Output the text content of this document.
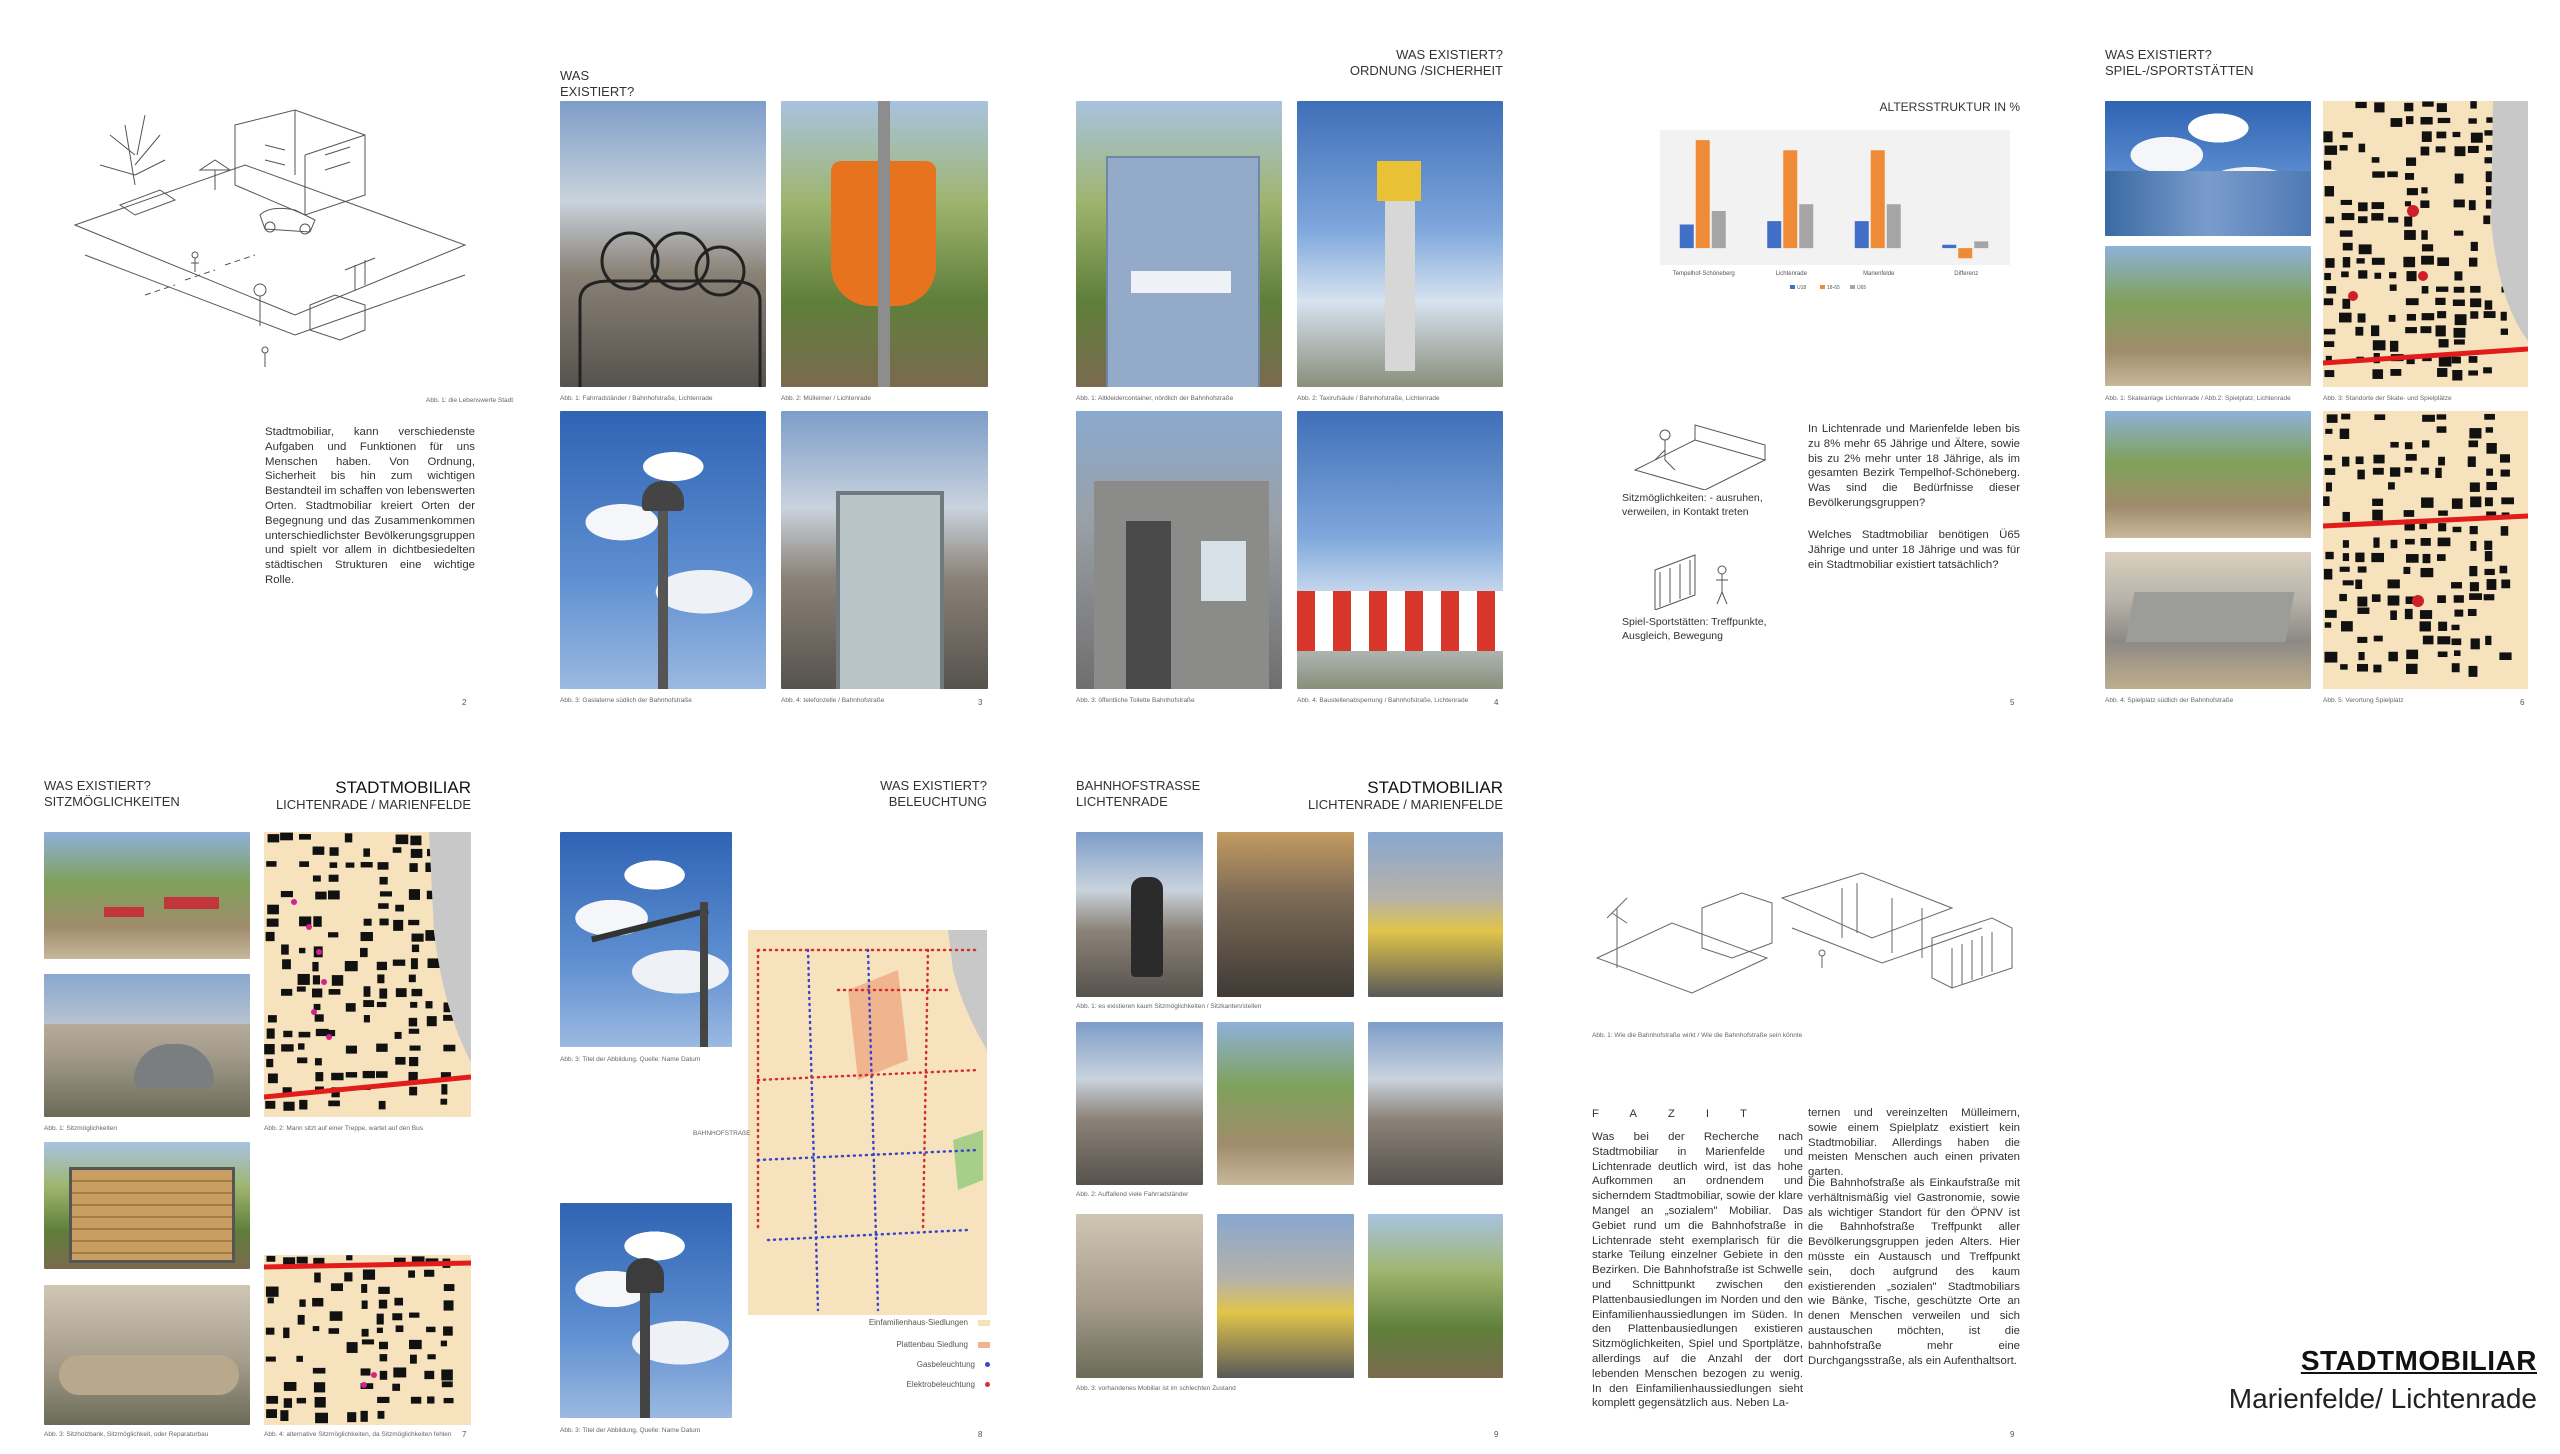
Abb. 1: die Lebenswerte Stadt
Stadtmobiliar, kann verschiedenste Aufgaben und Funktionen für uns Menschen haben. Von Ordnung, Sicherheit bis hin zum wichtigen Bestandteil im schaffen von lebenswerten Orten. Stadtmobiliar kreiert Orten der Begegnung und das Zusammenkommen unterschiedlichster Bevölkerungsgruppen und spielt vor allem in dichtbesiedelten städtischen Strukturen eine wichtige Rolle.
2
WAS EXISTIERT?

Abb. 1: Fahrradständer / Bahnhofstraße, Lichtenrade	Abb. 2: Mülleimer / Lichtenrade
Abb. 3: Gaslaterne südlich der Bahnhofstraße	Abb. 4: telefonzelle / Bahnhofstraße	3
WAS EXISTIERT?
ORDNUNG /SICHERHEIT
Abb. 1: Altkleidercontainer, nördlich der Bahnhofstraße	Abb. 2: Taxirufsäule / Bahnhofstraße, Lichtenrade
Abb. 3: öffentliche Toilette Bahnhofstraße	Abb. 4: Baustellenabsperrung / Bahnhofstraße, Lichtenrade	4
ALTERSSTRUKTUR IN %
Tempelhof-Schöneberg	Lichtenrade	Marienfelde	Differenz
U18	18-65	Ü65
Sitzmöglichkeiten: - ausruhen, verweilen, in Kontakt treten
Spiel-Sportstätten: Treffpunkte, Ausgleich, Bewegung
In Lichtenrade und Marienfelde leben bis zu 8% mehr 65 Jährige und Ältere, sowie bis zu 2% mehr unter 18 Jährige, als im gesamten Bezirk Tempelhof-Schöneberg. Was sind die Bedürfnisse dieser Bevölkerungsgruppen?
Welches Stadtmobiliar benötigen Ü65 Jährige und unter 18 Jährige und was für ein Stadtmobiliar existiert tatsächlich?
5
WAS EXISTIERT?
SPIEL-/SPORTSTÄTTEN
Abb. 1: Skateanlage Lichtenrade / Abb.2: Spielplatz, Lichtenrade	Abb. 3: Standorte der Skate- und Spielplätze
Abb. 4: Spielplatz südlich der Bahnhofstraße	Abb. 5: Verortung Spielplatz	6
WAS EXISTIERT?
SITZMÖGLICHKEITEN
STADTMOBILIAR
LICHTENRADE / MARIENFELDE
Abb. 1: Sitzmöglichkeiten	Abb. 2: Mann sitzt auf einer Treppe, wartet auf den Bus
Abb. 3: Sitzholzbank, Sitzmöglichkeit, oder Reparaturbau	Abb. 4: alternative Sitzmöglichkeiten, da Sitzmöglichkeiten fehlen 7
WAS EXISTIERT?
BELEUCHTUNG
Abb. 3: Titel der Abbildung, Quelle: Name Datum
Abb. 3: Titel der Abbildung, Quelle: Name Datum
BAHNHOFSTRAßE
Einfamilienhaus-Siedlungen
Plattenbau Siedlung
Gasbeleuchtung
Elektrobeleuchtung
8
BAHNHOFSTRASSE
LICHTENRADE
STADTMOBILIAR
LICHTENRADE / MARIENFELDE
Abb. 1: es existieren kaum Sitzmöglichkeiten / Sitzkanten/stellen
Abb. 2: Auffallend viele Fahrradständer
Abb. 3: vorhandenes Mobiliar ist im schlechten Zustand
9
Abb. 1: Wie die Bahnhofstraße wirkt / Wie die Bahnhofstraße sein könnte
FAZIT
Was bei der Recherche nach Stadtmobiliar in Marienfelde und Lichtenrade deutlich wird, ist das hohe Aufkommen an ordnendem und sicherndem Stadtmobiliar, sowie der klare Mangel an „sozialem" Mobiliar. Das Gebiet rund um die Bahnhofstraße in Lichtenrade steht exemplarisch für die starke Teilung einzelner Gebiete in den Bezirken. Die Bahnhofstraße ist Schwelle und Schnittpunkt zwischen den Plattenbausiedlungen im Norden und den Einfamilienhaussiedlungen im Süden. In den Plattenbausiedlungen existieren Sitzmöglichkeiten, Spiel und Sportplätze, allerdings auf die Anzahl der dort lebenden Menschen bezogen zu wenig. In den Einfamilienhaussiedlungen sieht komplett gegensätzlich aus. Neben La-
ternen und vereinzelten Mülleimern, sowie einem Spielplatz existiert kein Stadtmobiliar. Allerdings haben die meisten Menschen auch einen privaten garten.
Die Bahnhofstraße als Einkaufstraße mit verhältnismäßig viel Gastronomie, sowie als wichtiger Standort für den ÖPNV ist die Bahnhofstraße Treffpunkt aller Bevölkerungsgruppen jeden Alters. Hier müsste ein Austausch und Treffpunkt sein, doch aufgrund des kaum existierenden „sozialen" Stadtmobiliars wie Bänke, Tische, geschützte Orte an denen Menschen verweilen und sich austauschen möchten, ist die bahnhofstraße mehr eine Durchgangsstraße, als ein Aufenthaltsort.
9
STADTMOBILIAR
Marienfelde/ Lichtenrade
